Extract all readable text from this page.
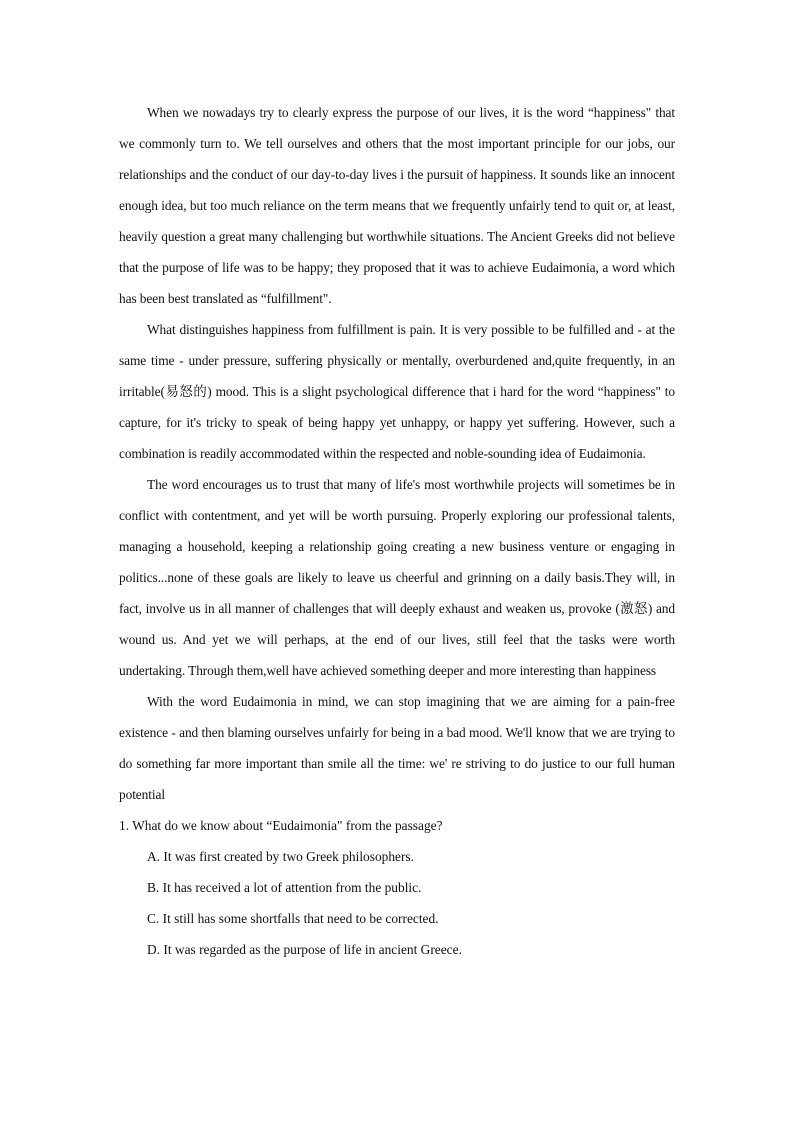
When we nowadays try to clearly express the purpose of our lives, it is the word “happiness" that we commonly turn to. We tell ourselves and others that the most important principle for our jobs, our relationships and the conduct of our day-to-day lives i the pursuit of happiness. It sounds like an innocent enough idea, but too much reliance on the term means that we frequently unfairly tend to quit or, at least, heavily question a great many challenging but worthwhile situations. The Ancient Greeks did not believe that the purpose of life was to be happy; they proposed that it was to achieve Eudaimonia, a word which has been best translated as “fulfillment".

What distinguishes happiness from fulfillment is pain. It is very possible to be fulfilled and - at the same time - under pressure, suffering physically or mentally, overburdened and,quite frequently, in an irritable(易怒的) mood. This is a slight psychological difference that i hard for the word “happiness" to capture, for it's tricky to speak of being happy yet unhappy, or happy yet suffering. However, such a combination is readily accommodated within the respected and noble-sounding idea of Eudaimonia.

The word encourages us to trust that many of life's most worthwhile projects will sometimes be in conflict with contentment, and yet will be worth pursuing. Properly exploring our professional talents, managing a household, keeping a relationship going creating a new business venture or engaging in politics...none of these goals are likely to leave us cheerful and grinning on a daily basis.They will, in fact, involve us in all manner of challenges that will deeply exhaust and weaken us, provoke (激怒) and wound us. And yet we will perhaps, at the end of our lives, still feel that the tasks were worth undertaking. Through them,well have achieved something deeper and more interesting than happiness

With the word Eudaimonia in mind, we can stop imagining that we are aiming for a pain-free existence - and then blaming ourselves unfairly for being in a bad mood. We'll know that we are trying to do something far more important than smile all the time: we' re striving to do justice to our full human potential

1. What do we know about “Eudaimonia" from the passage?

A. It was first created by two Greek philosophers.
B. It has received a lot of attention from the public.
C. It still has some shortfalls that need to be corrected.
D. It was regarded as the purpose of life in ancient Greece.
